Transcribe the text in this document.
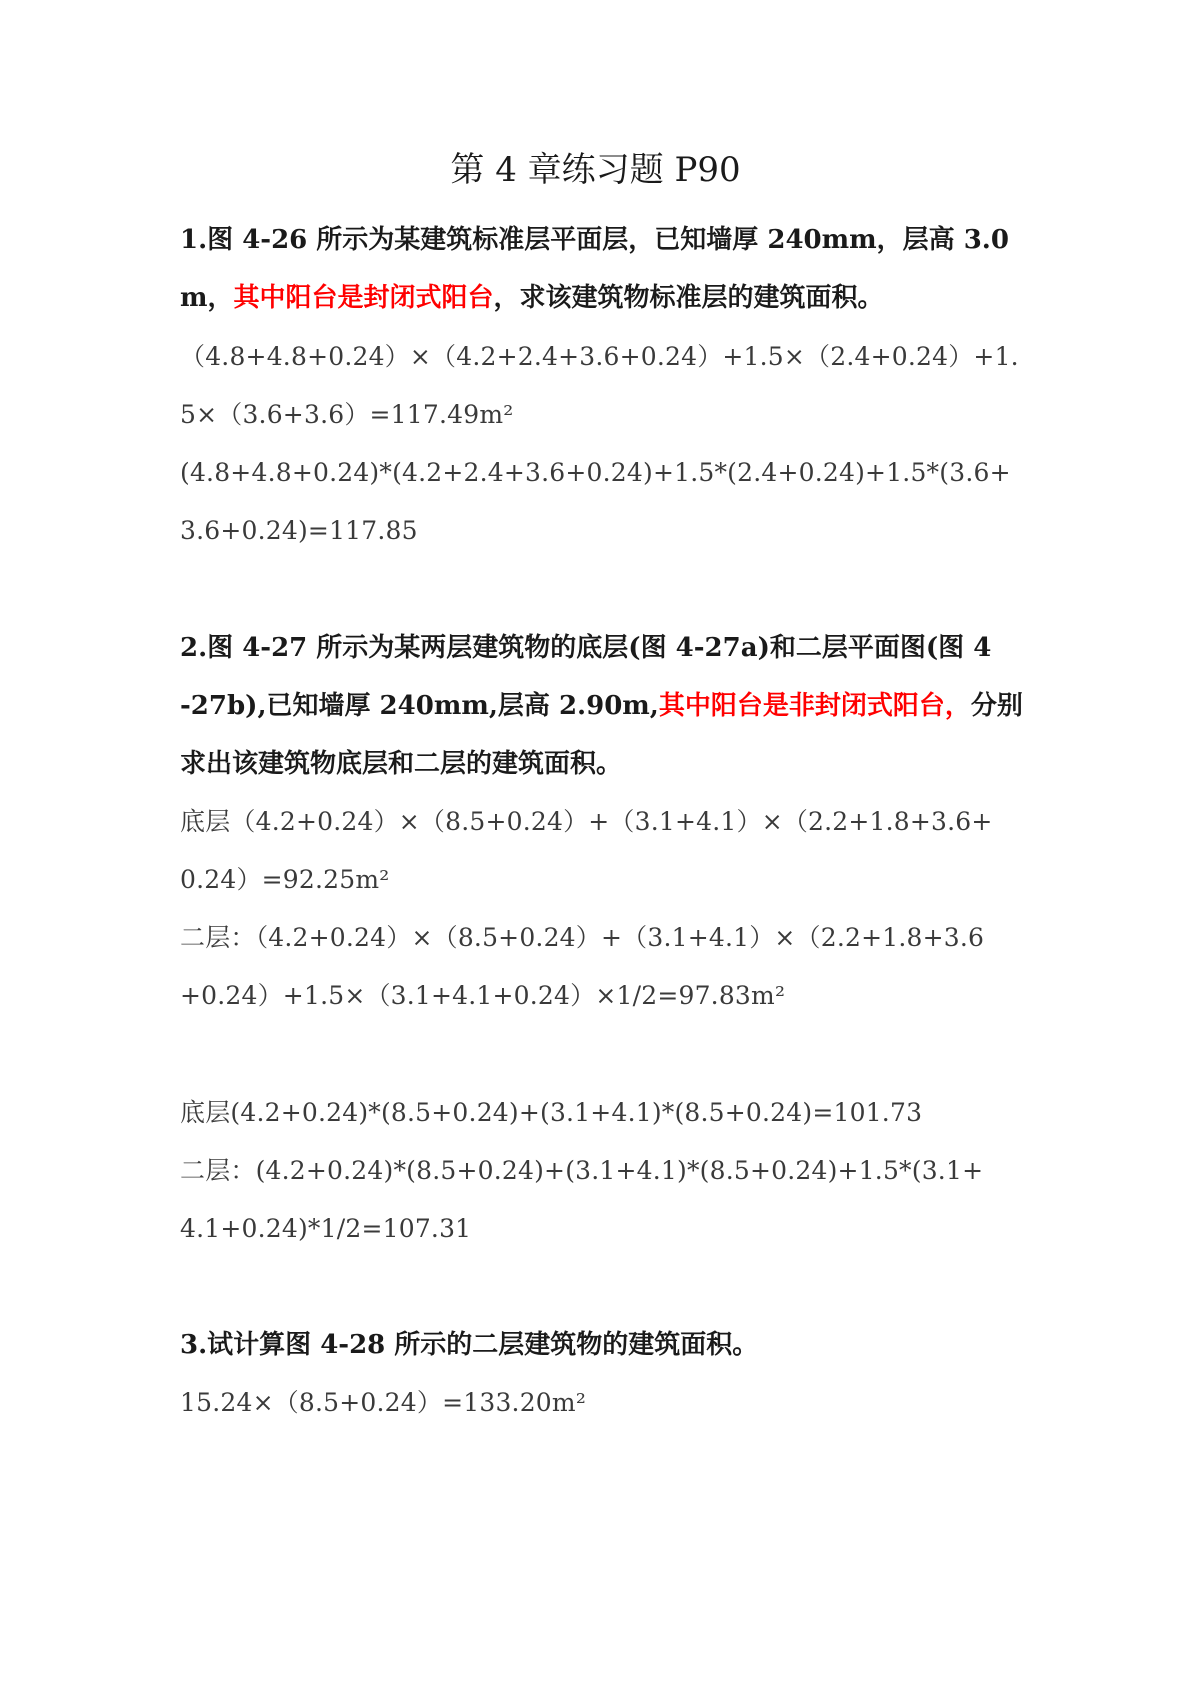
第 4 章练习题 P90
1.图 4-26 所示为某建筑标准层平面层，已知墙厚 240mm，层高 3.0
m，其中阳台是封闭式阳台，求该建筑物标准层的建筑面积。
（4.8+4.8+0.24）×（4.2+2.4+3.6+0.24）+1.5×（2.4+0.24）+1.
5×（3.6+3.6）=117.49m²
(4.8+4.8+0.24)*(4.2+2.4+3.6+0.24)+1.5*(2.4+0.24)+1.5*(3.6+
3.6+0.24)=117.85
2.图 4-27 所示为某两层建筑物的底层(图 4-27a)和二层平面图(图 4
-27b),已知墙厚 240mm,层高 2.90m,其中阳台是非封闭式阳台，分别
求出该建筑物底层和二层的建筑面积。
底层（4.2+0.24）×（8.5+0.24）+（3.1+4.1）×（2.2+1.8+3.6+
0.24）=92.25m²
二层：（4.2+0.24）×（8.5+0.24）+（3.1+4.1）×（2.2+1.8+3.6
+0.24）+1.5×（3.1+4.1+0.24）×1/2=97.83m²
底层(4.2+0.24)*(8.5+0.24)+(3.1+4.1)*(8.5+0.24)=101.73
二层：(4.2+0.24)*(8.5+0.24)+(3.1+4.1)*(8.5+0.24)+1.5*(3.1+
4.1+0.24)*1/2=107.31
3.试计算图 4-28 所示的二层建筑物的建筑面积。
15.24×（8.5+0.24）=133.20m²
